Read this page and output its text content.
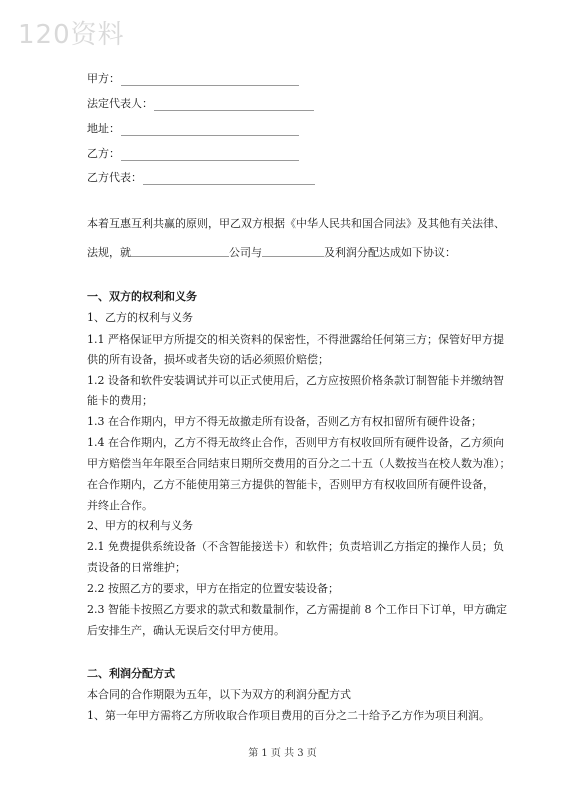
120资料
甲方：
法定代表人：
地址：
乙方：
乙方代表：
本着互惠互利共赢的原则，甲乙双方根据《中华人民共和国合同法》及其他有关法律、
法规，就	公司与	及利润分配达成如下协议：
一、双方的权利和义务
1、乙方的权利与义务
1.1 严格保证甲方所提交的相关资料的保密性，不得泄露给任何第三方；保管好甲方提
供的所有设备，损坏或者失窃的话必须照价赔偿；
1.2 设备和软件安装调试并可以正式使用后，乙方应按照价格条款订制智能卡并缴纳智
能卡的费用；
1.3 在合作期内，甲方不得无故撤走所有设备，否则乙方有权扣留所有硬件设备；
1.4 在合作期内，乙方不得无故终止合作，否则甲方有权收回所有硬件设备，乙方须向
甲方赔偿当年年限至合同结束日期所交费用的百分之二十五（人数按当在校人数为准）；
在合作期内，乙方不能使用第三方提供的智能卡，否则甲方有权收回所有硬件设备，
并终止合作。
2、甲方的权利与义务
2.1 免费提供系统设备（不含智能接送卡）和软件；负责培训乙方指定的操作人员；负
责设备的日常维护；
2.2 按照乙方的要求，甲方在指定的位置安装设备；
2.3 智能卡按照乙方要求的款式和数量制作，乙方需提前 8 个工作日下订单，甲方确定
后安排生产，确认无误后交付甲方使用。
二、利润分配方式
本合同的合作期限为五年，以下为双方的利润分配方式
1、第一年甲方需将乙方所收取合作项目费用的百分之二十给予乙方作为项目利润。
第 1 页 共 3 页
